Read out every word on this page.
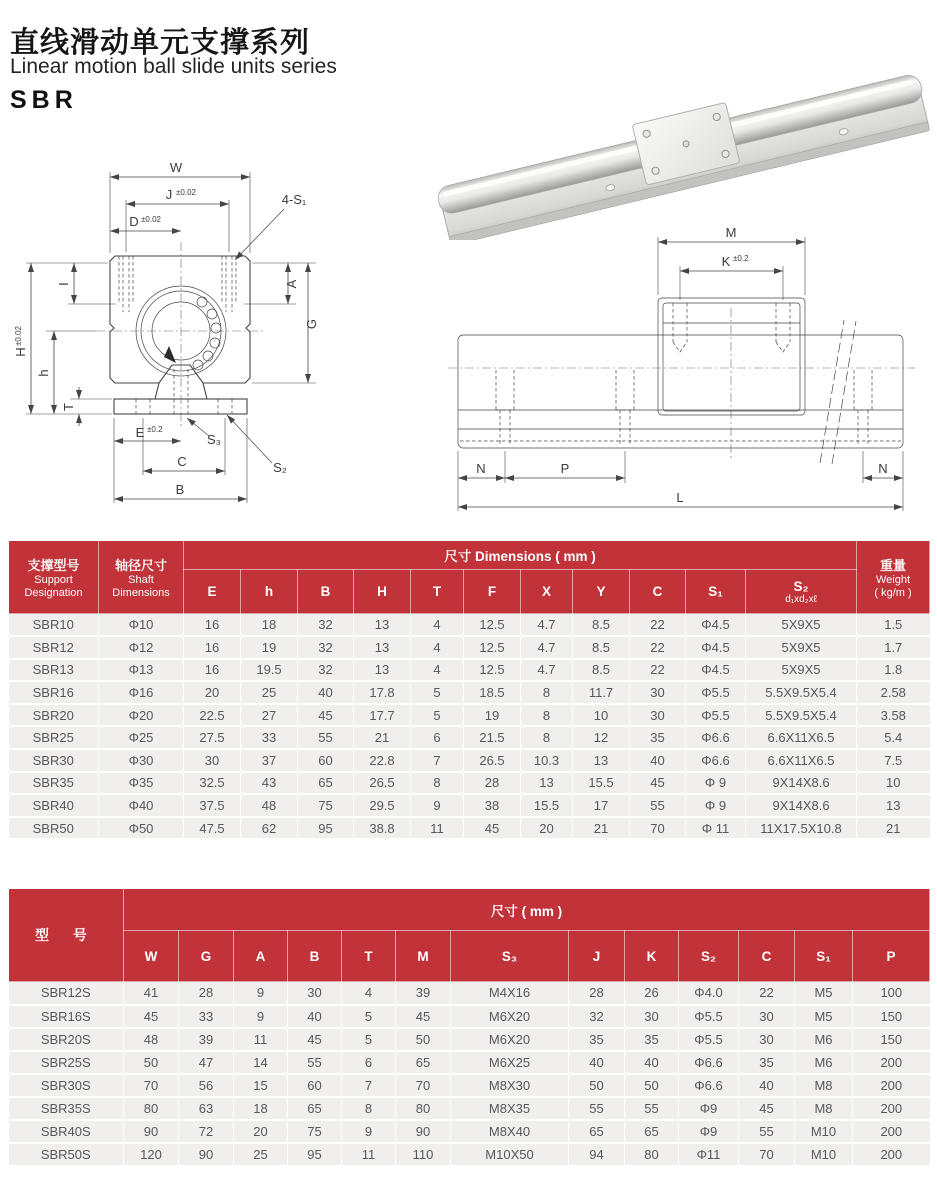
直线滑动单元支撑系列
Linear motion ball slide units series
SBR
W
J ±0.02
D ±0.02
4-S₁
H
±0.02
I
h
T
A
G
E ±0.2
S₃
S₂
C
B
M
K ±0.2
N	P	N
L
支撑型号
Support Designation

轴径尺寸
Shaft Dimensions
	尺寸 Dimensions ( mm )	
重量
Weight
( kg/m )

		E	h	B	H	T	F	X	Y	C	S₁	S₂
d₁xd₂xℓ	

SBR10	Φ10	16	18	32	13	4	12.5	4.7	8.5	22	Φ4.5	5X9X5	1.5
SBR12	Φ12	16	19	32	13	4	12.5	4.7	8.5	22	Φ4.5	5X9X5	1.7
SBR13	Φ13	16	19.5	32	13	4	12.5	4.7	8.5	22	Φ4.5	5X9X5	1.8
SBR16	Φ16	20	25	40	17.8	5	18.5	8	11.7	30	Φ5.5	5.5X9.5X5.4	2.58
SBR20	Φ20	22.5	27	45	17.7	5	19	8	10	30	Φ5.5	5.5X9.5X5.4	3.58
SBR25	Φ25	27.5	33	55	21	6	21.5	8	12	35	Φ6.6	6.6X11X6.5	5.4
SBR30	Φ30	30	37	60	22.8	7	26.5	10.3	13	40	Φ6.6	6.6X11X6.5	7.5
SBR35	Φ35	32.5	43	65	26.5	8	28	13	15.5	45	Φ 9	9X14X8.6	10
SBR40	Φ40	37.5	48	75	29.5	9	38	15.5	17	55	Φ 9	9X14X8.6	13
SBR50	Φ50	47.5	62	95	38.8	11	45	20	21	70	Φ 11	11X17.5X10.8	21
型 号	尺寸 ( mm )												
	W	G	A	B	T	M	S₃	J	K	S₂	C	S₁	P
SBR12S	41	28	9	30	4	39	M4X16	28	26	Φ4.0	22	M5	100
SBR16S	45	33	9	40	5	45	M6X20	32	30	Φ5.5	30	M5	150
SBR20S	48	39	11	45	5	50	M6X20	35	35	Φ5.5	30	M6	150
SBR25S	50	47	14	55	6	65	M6X25	40	40	Φ6.6	35	M6	200
SBR30S	70	56	15	60	7	70	M8X30	50	50	Φ6.6	40	M8	200
SBR35S	80	63	18	65	8	80	M8X35	55	55	Φ9	45	M8	200
SBR40S	90	72	20	75	9	90	M8X40	65	65	Φ9	55	M10	200
SBR50S	120	90	25	95	11	110	M10X50	94	80	Φ11	70	M10	200
